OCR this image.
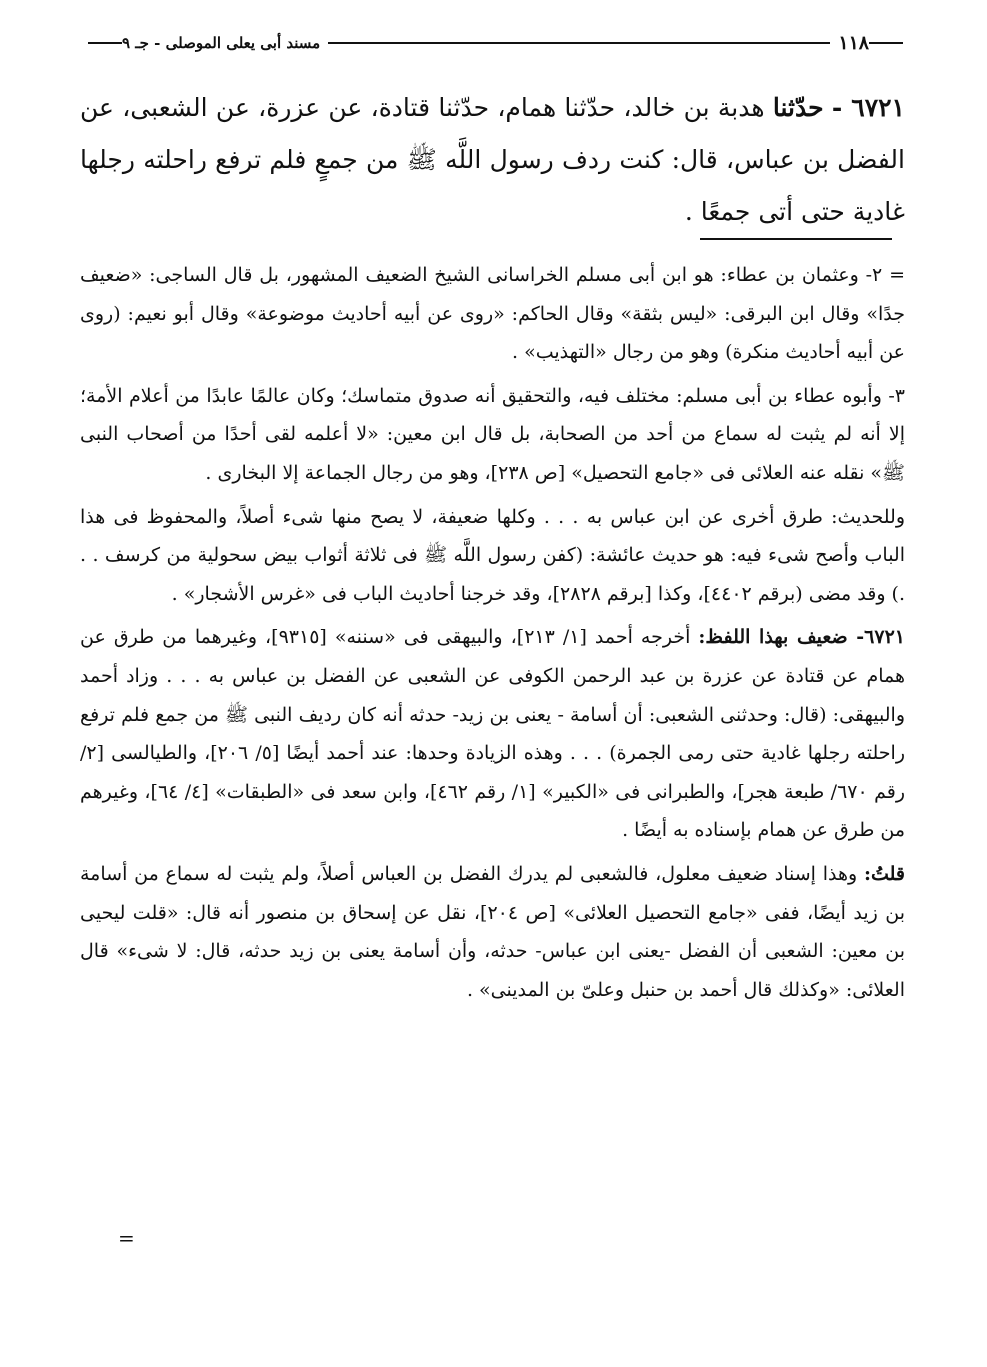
١١٨
مسند أبى يعلى الموصلى - جـ ٩
٦٧٢١ - حدّثنا هدبة بن خالد، حدّثنا همام، حدّثنا قتادة، عن عزرة، عن الشعبى، عن الفضل بن عباس، قال: كنت ردف رسول اللَّه ﷺ من جمعٍ فلم ترفع راحلته رجلها غادية حتى أتى جمعًا .

= ٢- وعثمان بن عطاء: هو ابن أبى مسلم الخراسانى الشيخ الضعيف المشهور، بل قال الساجى: «ضعيف جدًا» وقال ابن البرقى: «ليس بثقة» وقال الحاكم: «روى عن أبيه أحاديث موضوعة» وقال أبو نعيم: (روى عن أبيه أحاديث منكرة) وهو من رجال «التهذيب» .

٣- وأبوه عطاء بن أبى مسلم: مختلف فيه، والتحقيق أنه صدوق متماسك؛ وكان عالمًا عابدًا من أعلام الأمة؛ إلا أنه لم يثبت له سماع من أحد من الصحابة، بل قال ابن معين: «لا أعلمه لقى أحدًا من أصحاب النبى ﷺ» نقله عنه العلائى فى «جامع التحصيل» [ص ٢٣٨]، وهو من رجال الجماعة إلا البخارى .

وللحديث: طرق أخرى عن ابن عباس به . . . وكلها ضعيفة، لا يصح منها شىء أصلاً، والمحفوظ فى هذا الباب وأصح شىء فيه: هو حديث عائشة: (كفن رسول اللَّه ﷺ فى ثلاثة أثواب بيض سحولية من كرسف . . .) وقد مضى (برقم ٤٤٠٢]، وكذا [برقم ٢٨٢٨]، وقد خرجنا أحاديث الباب فى «غرس الأشجار» .

٦٧٢١- ضعيف بهذا اللفظ: أخرجه أحمد [١/ ٢١٣]، والبيهقى فى «سننه» [٩٣١٥]، وغيرهما من طرق عن همام عن قتادة عن عزرة بن عبد الرحمن الكوفى عن الشعبى عن الفضل بن عباس به . . . وزاد أحمد والبيهقى: (قال: وحدثنى الشعبى: أن أسامة - يعنى بن زيد- حدثه أنه كان رديف النبى ﷺ من جمع فلم ترفع راحلته رجلها غادية حتى رمى الجمرة) . . . وهذه الزيادة وحدها: عند أحمد أيضًا [٥/ ٢٠٦]، والطيالسى [٢/ رقم ٦٧٠/ طبعة هجر]، والطبرانى فى «الكبير» [١/ رقم ٤٦٢]، وابن سعد فى «الطبقات» [٤/ ٦٤]، وغيرهم من طرق عن همام بإسناده به أيضًا .

قلتُ: وهذا إسناد ضعيف معلول، فالشعبى لم يدرك الفضل بن العباس أصلاً، ولم يثبت له سماع من أسامة بن زيد أيضًا، ففى «جامع التحصيل العلائى» [ص ٢٠٤]، نقل عن إسحاق بن منصور أنه قال: «قلت ليحيى بن معين: الشعبى أن الفضل -يعنى ابن عباس- حدثه، وأن أسامة يعنى بن زيد حدثه، قال: لا شىء» قال العلائى: «وكذلك قال أحمد بن حنبل وعلىّ بن المدينى» .

=
